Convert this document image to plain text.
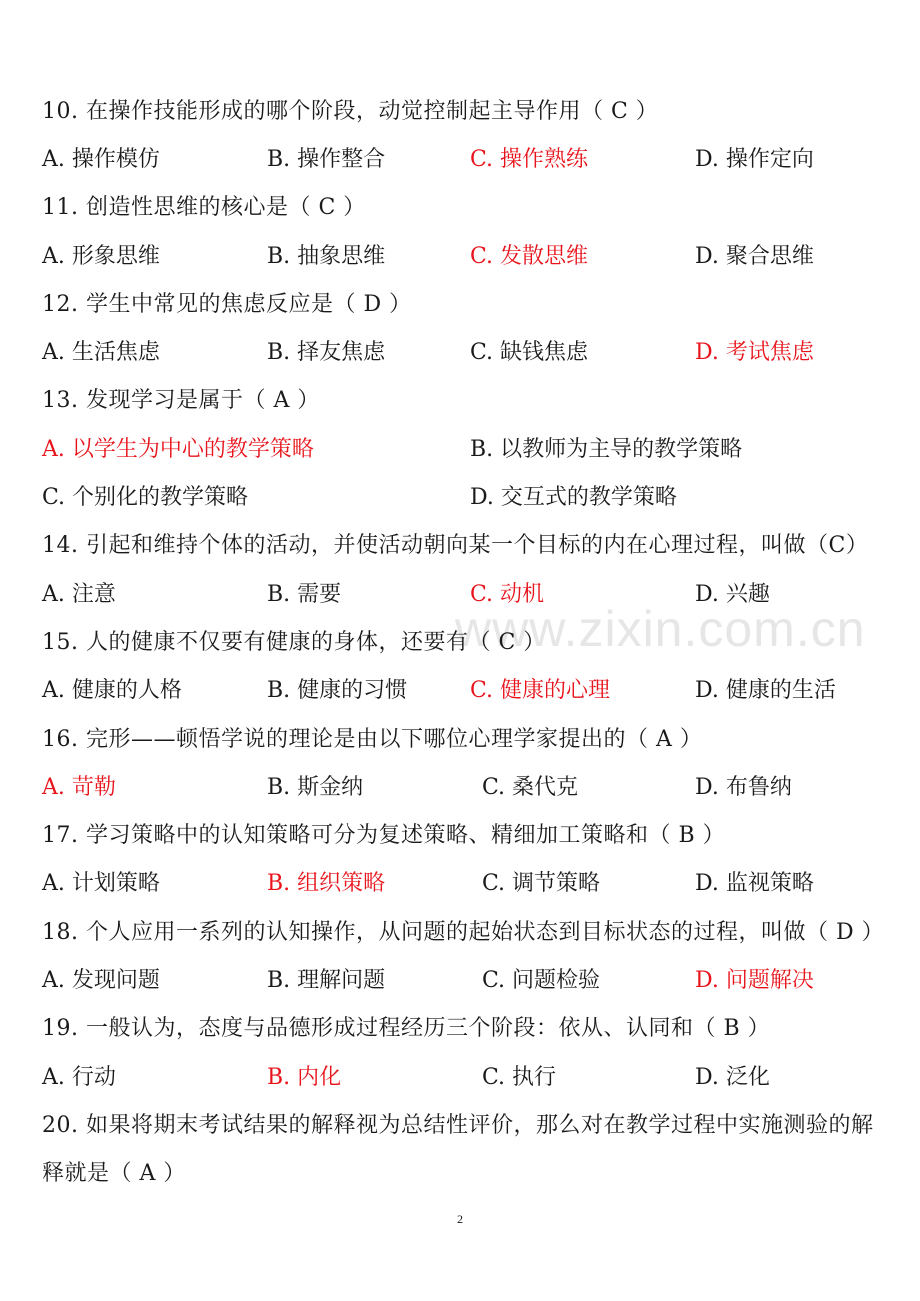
10. 在操作技能形成的哪个阶段，动觉控制起主导作用（ C ）
A. 操作模仿	B. 操作整合	C. 操作熟练	D. 操作定向
11. 创造性思维的核心是（ C ）
A. 形象思维	B. 抽象思维	C. 发散思维	D. 聚合思维
12. 学生中常见的焦虑反应是（ D ）
A. 生活焦虑	B. 择友焦虑	C. 缺钱焦虑	D. 考试焦虑
13. 发现学习是属于（ A ）
A. 以学生为中心的教学策略	B. 以教师为主导的教学策略
C. 个别化的教学策略	D. 交互式的教学策略
14. 引起和维持个体的活动，并使活动朝向某一个目标的内在心理过程，叫做（C）
A. 注意	B. 需要	C. 动机	D. 兴趣
www.zixin.com.cn
15. 人的健康不仅要有健康的身体，还要有（ C ）
A. 健康的人格	B. 健康的习惯	C. 健康的心理	D. 健康的生活
16. 完形——顿悟学说的理论是由以下哪位心理学家提出的（ A ）
A. 苛勒	B. 斯金纳	C. 桑代克	D. 布鲁纳
17. 学习策略中的认知策略可分为复述策略、精细加工策略和（ B ）
A. 计划策略	B. 组织策略	C. 调节策略	D. 监视策略
18. 个人应用一系列的认知操作，从问题的起始状态到目标状态的过程，叫做（ D ）
A. 发现问题	B. 理解问题	C. 问题检验	D. 问题解决
19. 一般认为，态度与品德形成过程经历三个阶段：依从、认同和（ B ）
A. 行动	B. 内化	C. 执行	D. 泛化
20. 如果将期末考试结果的解释视为总结性评价，那么对在教学过程中实施测验的解
释就是（ A ）
2
